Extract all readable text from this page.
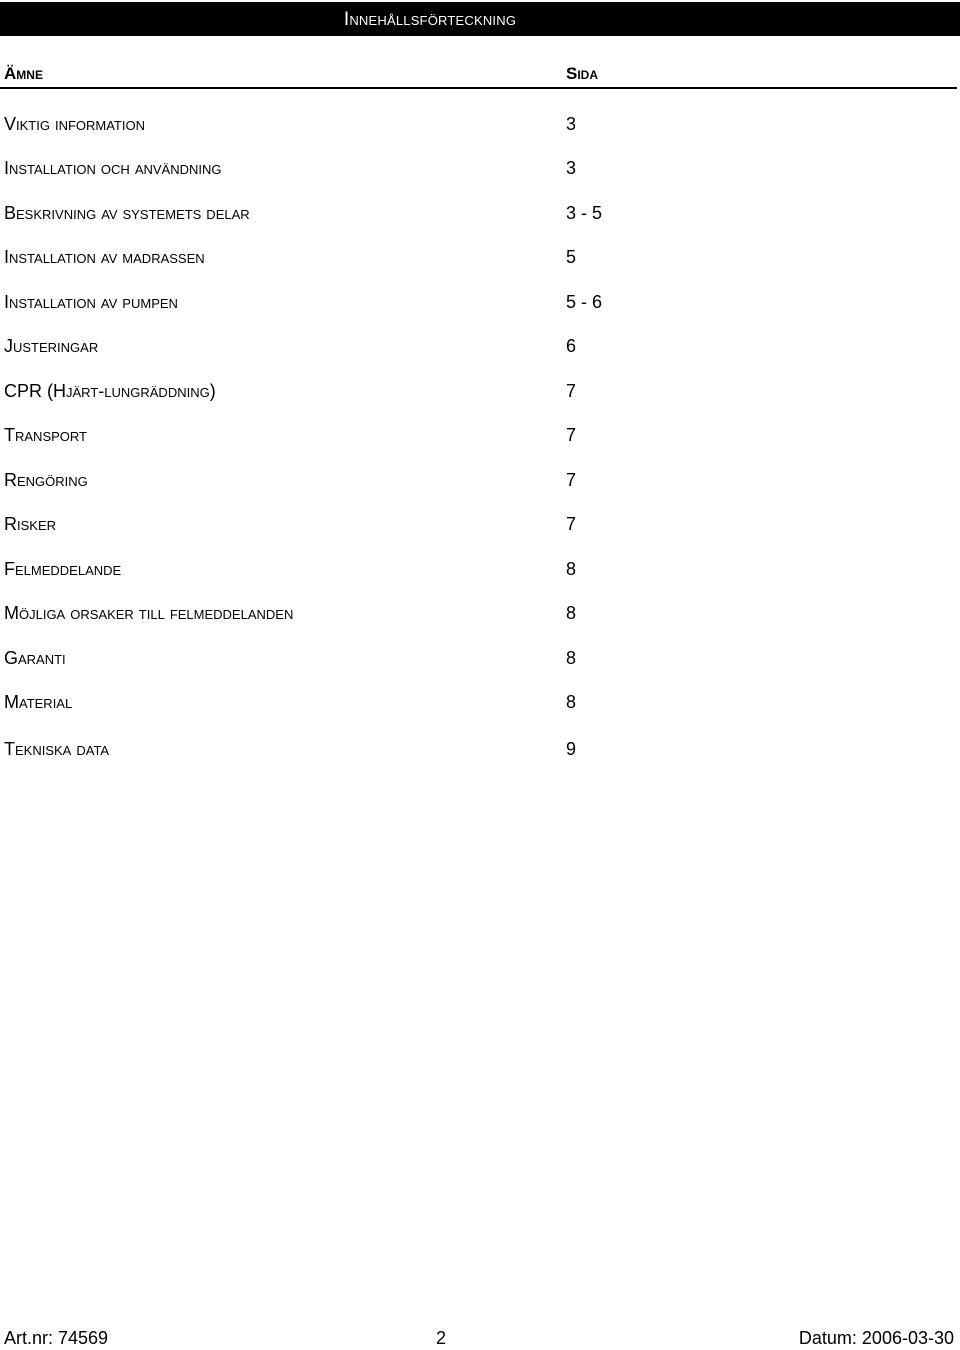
Innehållsförteckning
Ämne	Sida
Viktig information	3
Installation och användning	3
Beskrivning av systemets delar	3 - 5
Installation av madrassen	5
Installation av pumpen	5 - 6
Justeringar	6
CPR (Hjärt-lungräddning)	7
Transport	7
Rengöring	7
Risker	7
Felmeddelande	8
Möjliga orsaker till felmeddelanden	8
Garanti	8
Material	8
Tekniska data	9
Art.nr: 74569	2	Datum: 2006-03-30
